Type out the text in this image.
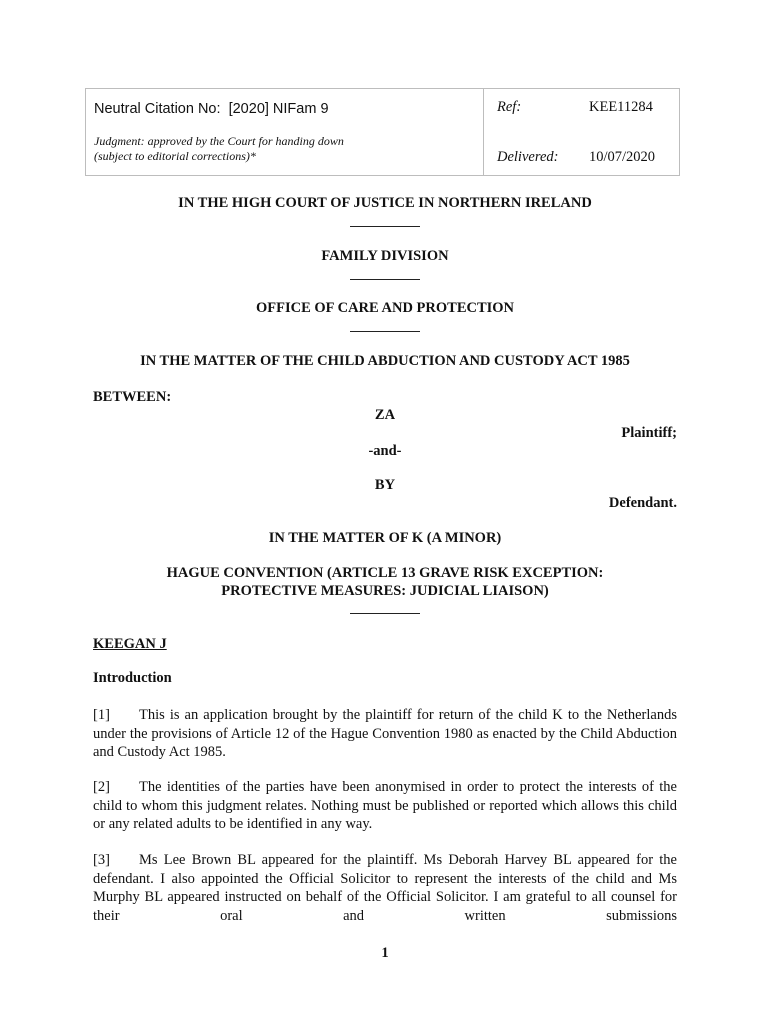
Neutral Citation No: [2020] NIFam 9
Judgment: approved by the Court for handing down
(subject to editorial corrections)*
Ref:	KEE11284
Delivered: 10/07/2020
IN THE HIGH COURT OF JUSTICE IN NORTHERN IRELAND
FAMILY DIVISION
OFFICE OF CARE AND PROTECTION
IN THE MATTER OF THE CHILD ABDUCTION AND CUSTODY ACT 1985
BETWEEN:
ZA
Plaintiff;
-and-
BY
Defendant.
IN THE MATTER OF K (A MINOR)
HAGUE CONVENTION (ARTICLE 13 GRAVE RISK EXCEPTION:
PROTECTIVE MEASURES: JUDICIAL LIAISON)
KEEGAN J
Introduction
[1] This is an application brought by the plaintiff for return of the child K to the Netherlands under the provisions of Article 12 of the Hague Convention 1980 as enacted by the Child Abduction and Custody Act 1985.
[2] The identities of the parties have been anonymised in order to protect the interests of the child to whom this judgment relates. Nothing must be published or reported which allows this child or any related adults to be identified in any way.
[3] Ms Lee Brown BL appeared for the plaintiff. Ms Deborah Harvey BL appeared for the defendant. I also appointed the Official Solicitor to represent the interests of the child and Ms Murphy BL appeared instructed on behalf of the Official Solicitor. I am grateful to all counsel for their oral and written submissions
1
